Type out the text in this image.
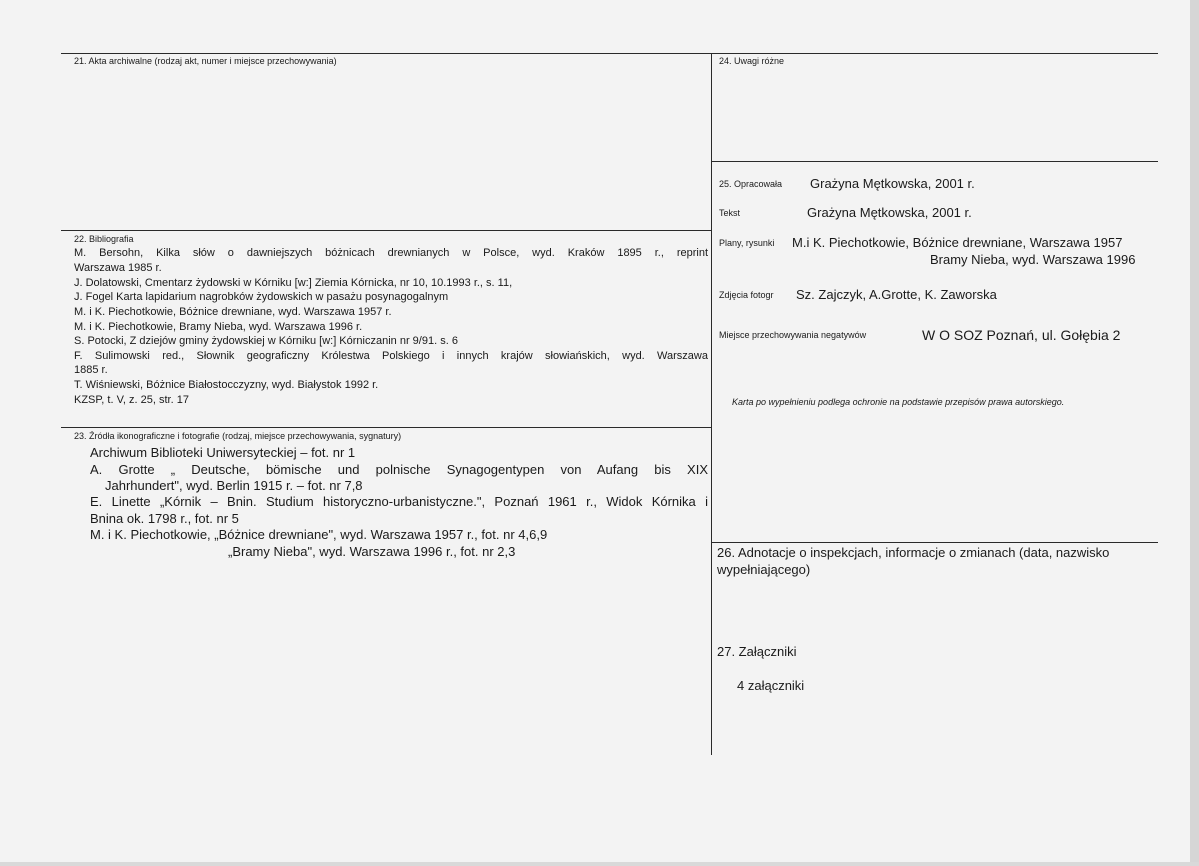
21. Akta archiwalne (rodzaj akt, numer i miejsce przechowywania)
22. Bibliografia
M. Bersohn, Kilka słów o dawniejszych bóżnicach drewnianych w Polsce, wyd. Kraków 1895 r., reprint
Warszawa 1985 r.
J. Dolatowski, Cmentarz żydowski w Kórniku [w:] Ziemia Kórnicka, nr 10, 10.1993 r., s. 11,
J. Fogel Karta lapidarium nagrobków żydowskich w pasażu posynagogalnym
M. i K. Piechotkowie, Bóżnice drewniane, wyd. Warszawa 1957 r.
M. i K. Piechotkowie, Bramy Nieba, wyd. Warszawa 1996 r.
S. Potocki, Z dziejów gminy żydowskiej w Kórniku [w:] Kórniczanin nr 9/91. s. 6
F. Sulimowski red., Słownik geograficzny Królestwa Polskiego i innych krajów słowiańskich, wyd. Warszawa
1885 r.
T. Wiśniewski, Bóżnice Białostocczyzny, wyd. Białystok 1992 r.
KZSP, t. V, z. 25, str. 17
23. Źródła ikonograficzne i fotografie (rodzaj, miejsce przechowywania, sygnatury)
Archiwum Biblioteki Uniwersyteckiej – fot. nr 1
A. Grotte „ Deutsche, bömische und polnische Synagogentypen von Aufang bis XIX
Jahrhundert", wyd. Berlin 1915 r. – fot. nr 7,8
E. Linette „Kórnik – Bnin. Studium historyczno-urbanistyczne.", Poznań 1961 r., Widok Kórnika i
Bnina ok. 1798 r., fot. nr 5
M. i K. Piechotkowie, „Bóżnice drewniane", wyd. Warszawa 1957 r., fot. nr 4,6,9
„Bramy Nieba", wyd. Warszawa 1996 r., fot. nr 2,3
24. Uwagi różne
25. Opracowała Grażyna Mętkowska, 2001 r.
Tekst	Grażyna Mętkowska, 2001 r.
Plany, rysunki M.i K. Piechotkowie, Bóżnice drewniane, Warszawa 1957
Bramy Nieba, wyd. Warszawa 1996
Zdjęcia fotogr Sz. Zajczyk, A.Grotte, K. Zaworska
Miejsce przechowywania negatywów	W O SOZ Poznań, ul. Gołębia 2
Karta po wypełnieniu podlega ochronie na podstawie przepisów prawa autorskiego.
26. Adnotacje o inspekcjach, informacje o zmianach (data, nazwisko
wypełniającego)
27. Załączniki
4 załączniki
